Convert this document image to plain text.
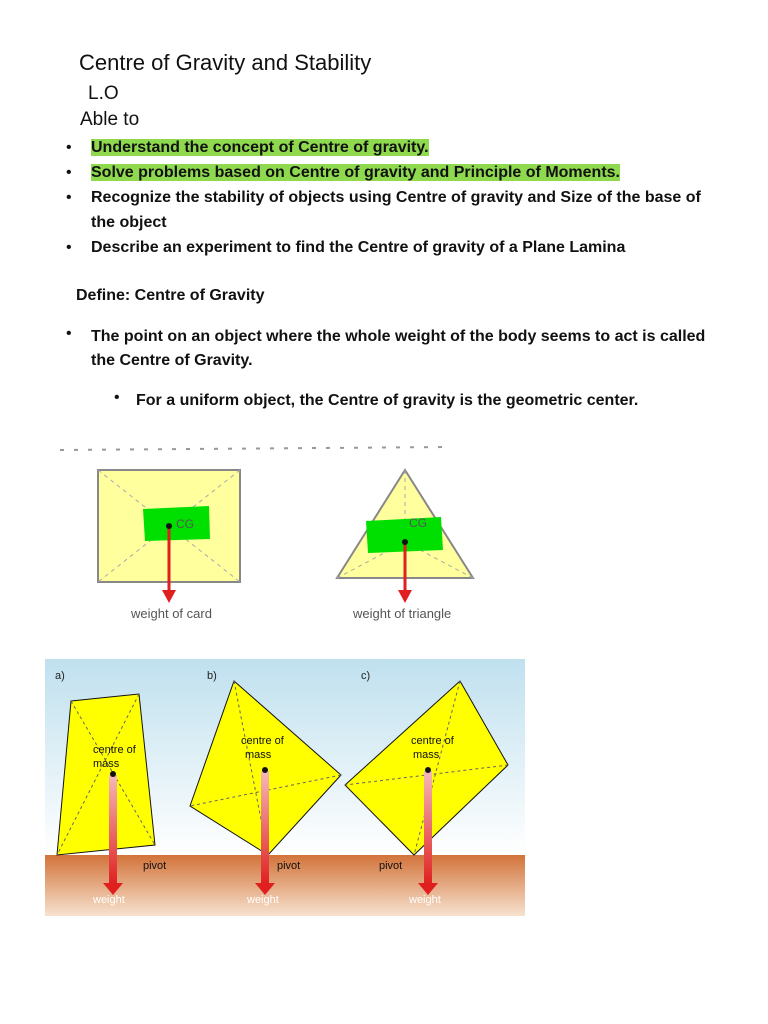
Centre of Gravity and Stability
L.O
Able to
• Understand the concept of Centre of gravity.
• Solve problems based on Centre of gravity and Principle of Moments.
• Recognize the stability of objects using Centre of gravity and Size of the base of the object
• Describe an experiment to find the Centre of gravity of a Plane Lamina
Define: Centre of Gravity
• The point on an object where the whole weight of the body seems to act is called the Centre of Gravity.
• For a uniform object, the Centre of gravity is the geometric center.
CG
weight of card
CG
weight of triangle
a)	b)	c)
centre of
mass
pivot
weight
centre of
mass
pivot
weight
centre of
mass
pivot
weight
